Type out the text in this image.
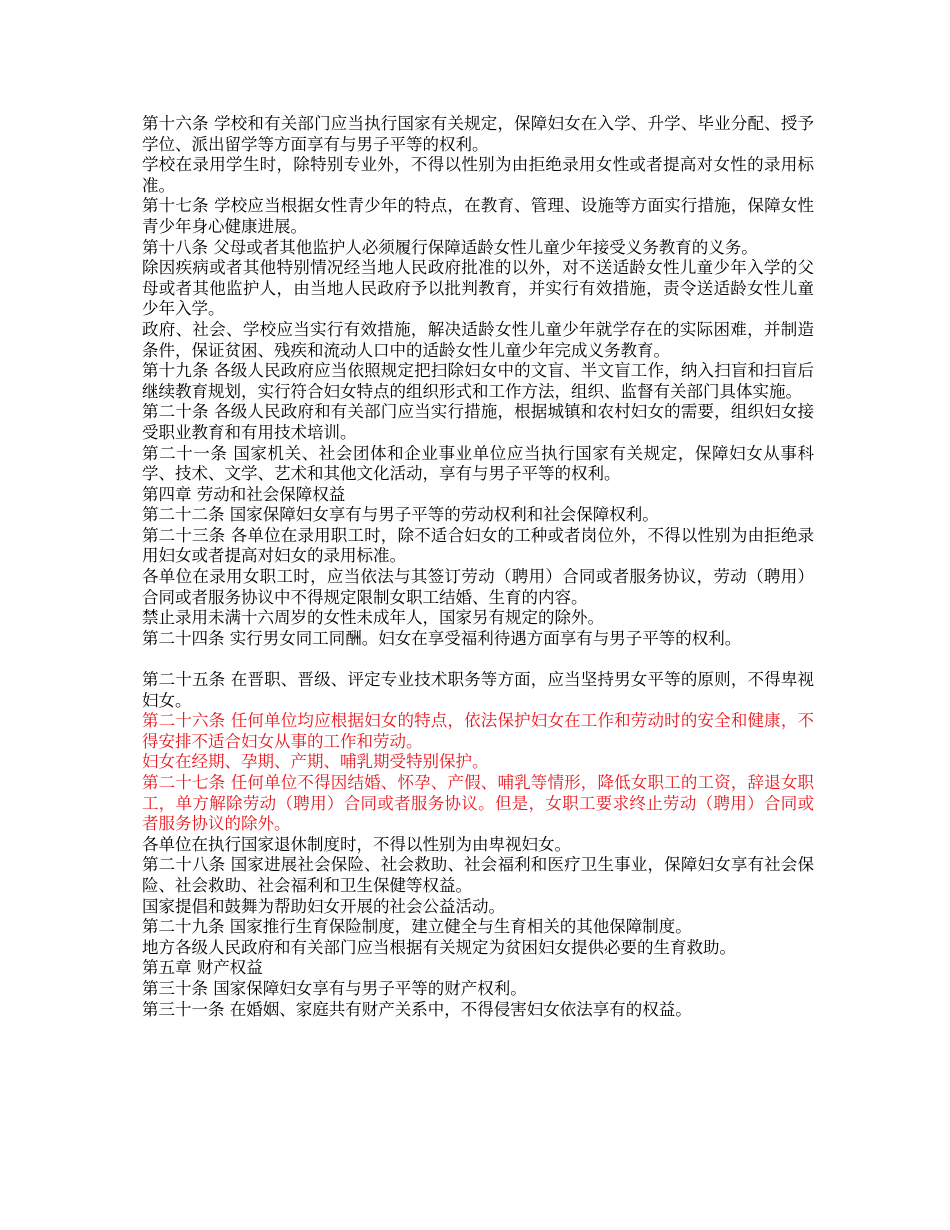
第十六条 学校和有关部门应当执行国家有关规定，保障妇女在入学、升学、毕业分配、授予学位、派出留学等方面享有与男子平等的权利。

学校在录用学生时，除特别专业外，不得以性别为由拒绝录用女性或者提高对女性的录用标准。

第十七条 学校应当根据女性青少年的特点，在教育、管理、设施等方面实行措施，保障女性青少年身心健康进展。

第十八条 父母或者其他监护人必须履行保障适龄女性儿童少年接受义务教育的义务。

除因疾病或者其他特别情况经当地人民政府批准的以外，对不送适龄女性儿童少年入学的父母或者其他监护人，由当地人民政府予以批判教育，并实行有效措施，责令送适龄女性儿童少年入学。

政府、社会、学校应当实行有效措施，解决适龄女性儿童少年就学存在的实际困难，并制造条件，保证贫困、残疾和流动人口中的适龄女性儿童少年完成义务教育。

第十九条 各级人民政府应当依照规定把扫除妇女中的文盲、半文盲工作，纳入扫盲和扫盲后继续教育规划，实行符合妇女特点的组织形式和工作方法，组织、监督有关部门具体实施。

第二十条 各级人民政府和有关部门应当实行措施，根据城镇和农村妇女的需要，组织妇女接受职业教育和有用技术培训。

第二十一条 国家机关、社会团体和企业事业单位应当执行国家有关规定，保障妇女从事科学、技术、文学、艺术和其他文化活动，享有与男子平等的权利。

第四章 劳动和社会保障权益

第二十二条 国家保障妇女享有与男子平等的劳动权利和社会保障权利。

第二十三条 各单位在录用职工时，除不适合妇女的工种或者岗位外，不得以性别为由拒绝录用妇女或者提高对妇女的录用标准。

各单位在录用女职工时，应当依法与其签订劳动（聘用）合同或者服务协议，劳动（聘用）合同或者服务协议中不得规定限制女职工结婚、生育的内容。

禁止录用未满十六周岁的女性未成年人，国家另有规定的除外。

第二十四条 实行男女同工同酬。妇女在享受福利待遇方面享有与男子平等的权利。

第二十五条 在晋职、晋级、评定专业技术职务等方面，应当坚持男女平等的原则，不得卑视妇女。

第二十六条 任何单位均应根据妇女的特点，依法保护妇女在工作和劳动时的安全和健康，不得安排不适合妇女从事的工作和劳动。

妇女在经期、孕期、产期、哺乳期受特别保护。

第二十七条 任何单位不得因结婚、怀孕、产假、哺乳等情形，降低女职工的工资，辞退女职工，单方解除劳动（聘用）合同或者服务协议。但是，女职工要求终止劳动（聘用）合同或者服务协议的除外。

各单位在执行国家退休制度时，不得以性别为由卑视妇女。

第二十八条 国家进展社会保险、社会救助、社会福利和医疗卫生事业，保障妇女享有社会保险、社会救助、社会福利和卫生保健等权益。

国家提倡和鼓舞为帮助妇女开展的社会公益活动。

第二十九条 国家推行生育保险制度，建立健全与生育相关的其他保障制度。

地方各级人民政府和有关部门应当根据有关规定为贫困妇女提供必要的生育救助。

第五章 财产权益

第三十条 国家保障妇女享有与男子平等的财产权利。

第三十一条 在婚姻、家庭共有财产关系中，不得侵害妇女依法享有的权益。
